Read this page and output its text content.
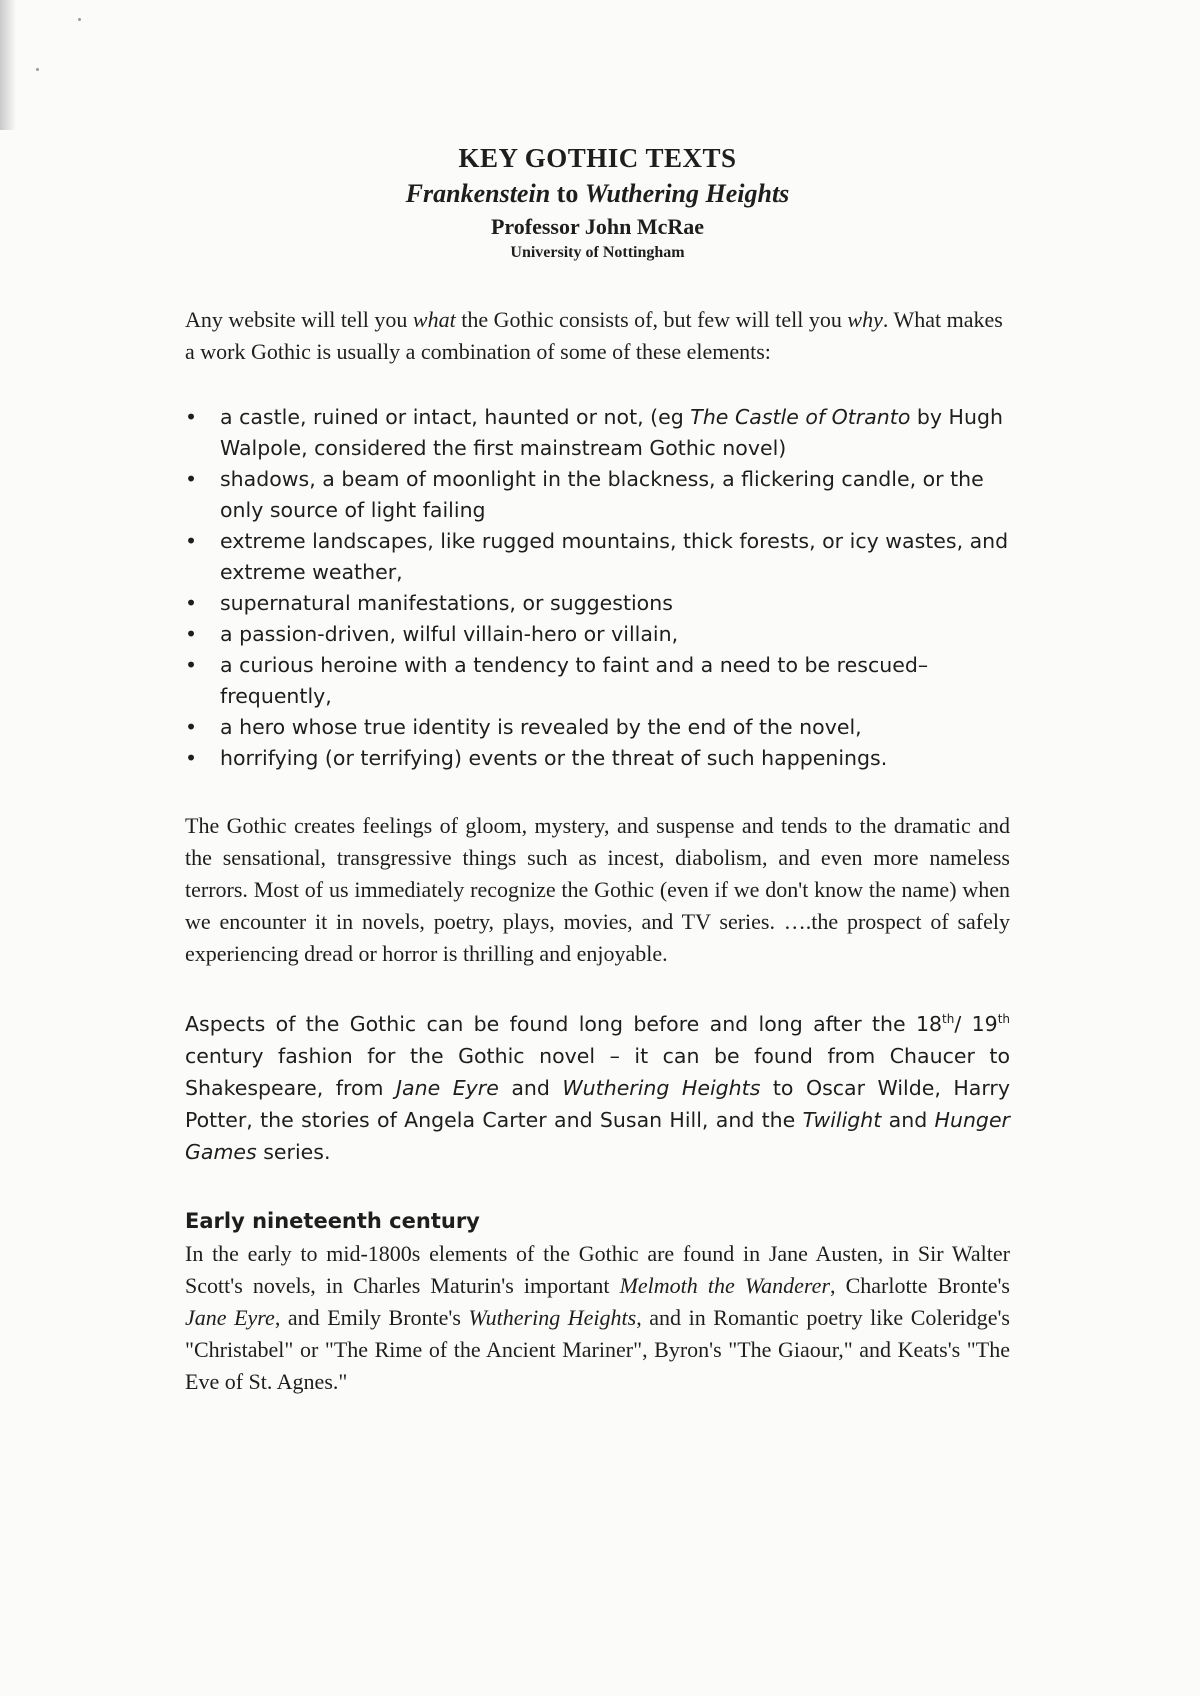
KEY GOTHIC TEXTS
Frankenstein to Wuthering Heights
Professor John McRae
University of Nottingham

Any website will tell you what the Gothic consists of, but few will tell you why. What makes a work Gothic is usually a combination of some of these elements:

•	a castle, ruined or intact, haunted or not, (eg The Castle of Otranto by Hugh Walpole, considered the first mainstream Gothic novel)
•	shadows, a beam of moonlight in the blackness, a flickering candle, or the only source of light failing
•	extreme landscapes, like rugged mountains, thick forests, or icy wastes, and extreme weather,
•	supernatural manifestations, or suggestions
•	a passion-driven, wilful villain-hero or villain,
•	a curious heroine with a tendency to faint and a need to be rescued–frequently,
•	a hero whose true identity is revealed by the end of the novel,
•	horrifying (or terrifying) events or the threat of such happenings.

The Gothic creates feelings of gloom, mystery, and suspense and tends to the dramatic and the sensational, transgressive things such as incest, diabolism, and even more nameless terrors. Most of us immediately recognize the Gothic (even if we don't know the name) when we encounter it in novels, poetry, plays, movies, and TV series. ….the prospect of safely experiencing dread or horror is thrilling and enjoyable.

Aspects of the Gothic can be found long before and long after the 18th/ 19th century fashion for the Gothic novel – it can be found from Chaucer to Shakespeare, from Jane Eyre and Wuthering Heights to Oscar Wilde, Harry Potter, the stories of Angela Carter and Susan Hill, and the Twilight and Hunger Games series.

Early nineteenth century

In the early to mid-1800s elements of the Gothic are found in Jane Austen, in Sir Walter Scott's novels, in Charles Maturin's important Melmoth the Wanderer, Charlotte Bronte's Jane Eyre, and Emily Bronte's Wuthering Heights, and in Romantic poetry like Coleridge's "Christabel" or "The Rime of the Ancient Mariner", Byron's "The Giaour," and Keats's "The Eve of St. Agnes."
